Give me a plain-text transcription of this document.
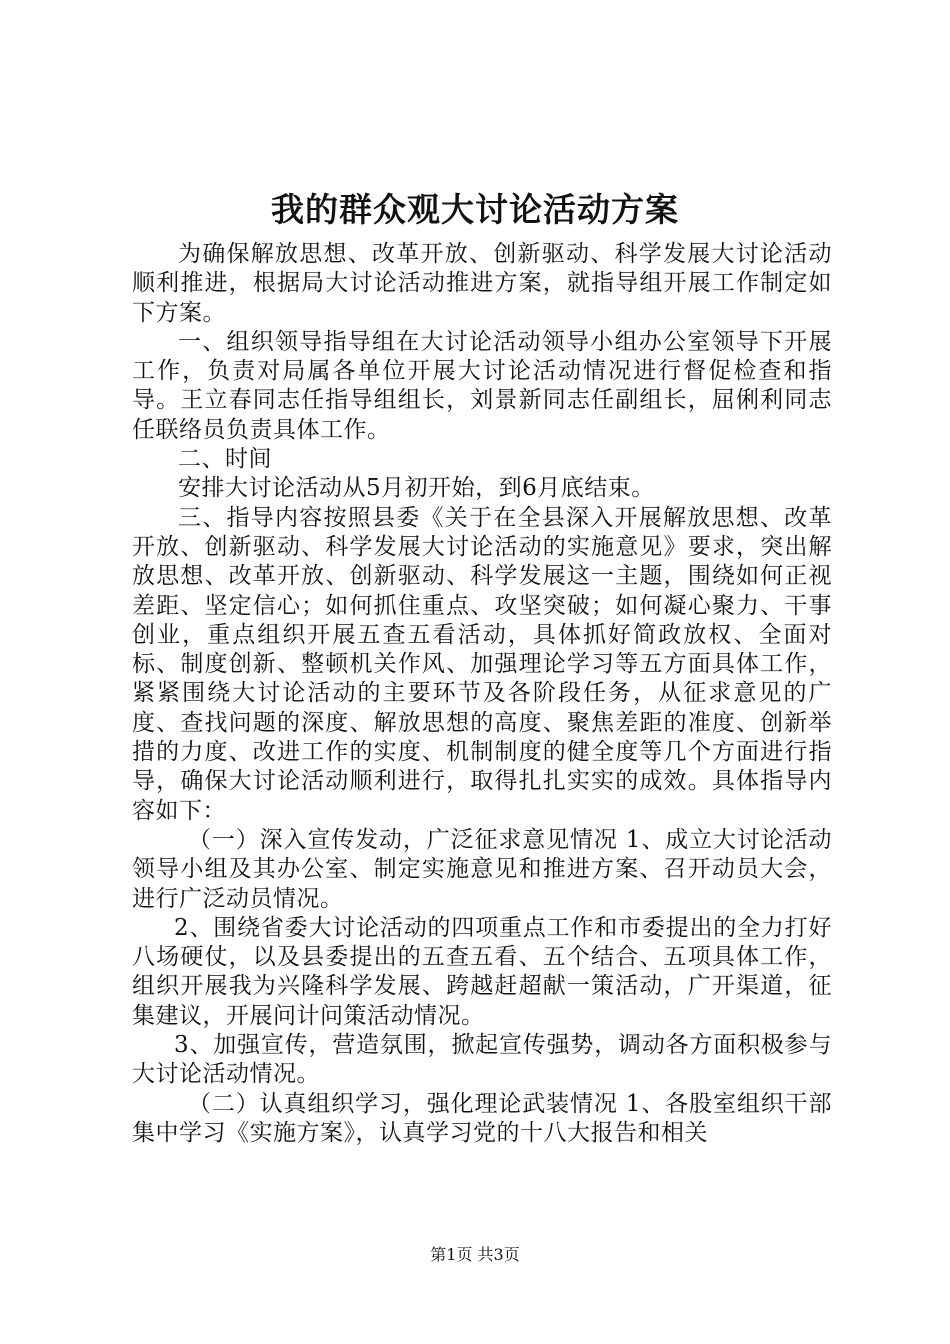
我的群众观大讨论活动方案

为确保解放思想、改革开放、创新驱动、科学发展大讨论活动顺利推进，根据局大讨论活动推进方案，就指导组开展工作制定如下方案。

一、组织领导指导组在大讨论活动领导小组办公室领导下开展工作，负责对局属各单位开展大讨论活动情况进行督促检查和指导。王立春同志任指导组组长，刘景新同志任副组长，屈俐利同志任联络员负责具体工作。

二、时间

安排大讨论活动从5月初开始，到6月底结束。

三、指导内容按照县委《关于在全县深入开展解放思想、改革开放、创新驱动、科学发展大讨论活动的实施意见》要求，突出解放思想、改革开放、创新驱动、科学发展这一主题，围绕如何正视差距、坚定信心；如何抓住重点、攻坚突破；如何凝心聚力、干事创业，重点组织开展五查五看活动，具体抓好简政放权、全面对标、制度创新、整顿机关作风、加强理论学习等五方面具体工作，紧紧围绕大讨论活动的主要环节及各阶段任务，从征求意见的广度、查找问题的深度、解放思想的高度、聚焦差距的准度、创新举措的力度、改进工作的实度、机制制度的健全度等几个方面进行指导，确保大讨论活动顺利进行，取得扎扎实实的成效。具体指导内容如下：

（一）深入宣传发动，广泛征求意见情况 1、成立大讨论活动领导小组及其办公室、制定实施意见和推进方案、召开动员大会，进行广泛动员情况。

2、围绕省委大讨论活动的四项重点工作和市委提出的全力打好八场硬仗，以及县委提出的五查五看、五个结合、五项具体工作，组织开展我为兴隆科学发展、跨越赶超献一策活动，广开渠道，征集建议，开展问计问策活动情况。

3、加强宣传，营造氛围，掀起宣传强势，调动各方面积极参与大讨论活动情况。

（二）认真组织学习，强化理论武装情况 1、各股室组织干部集中学习《实施方案》，认真学习党的十八大报告和相关

第1页 共3页
